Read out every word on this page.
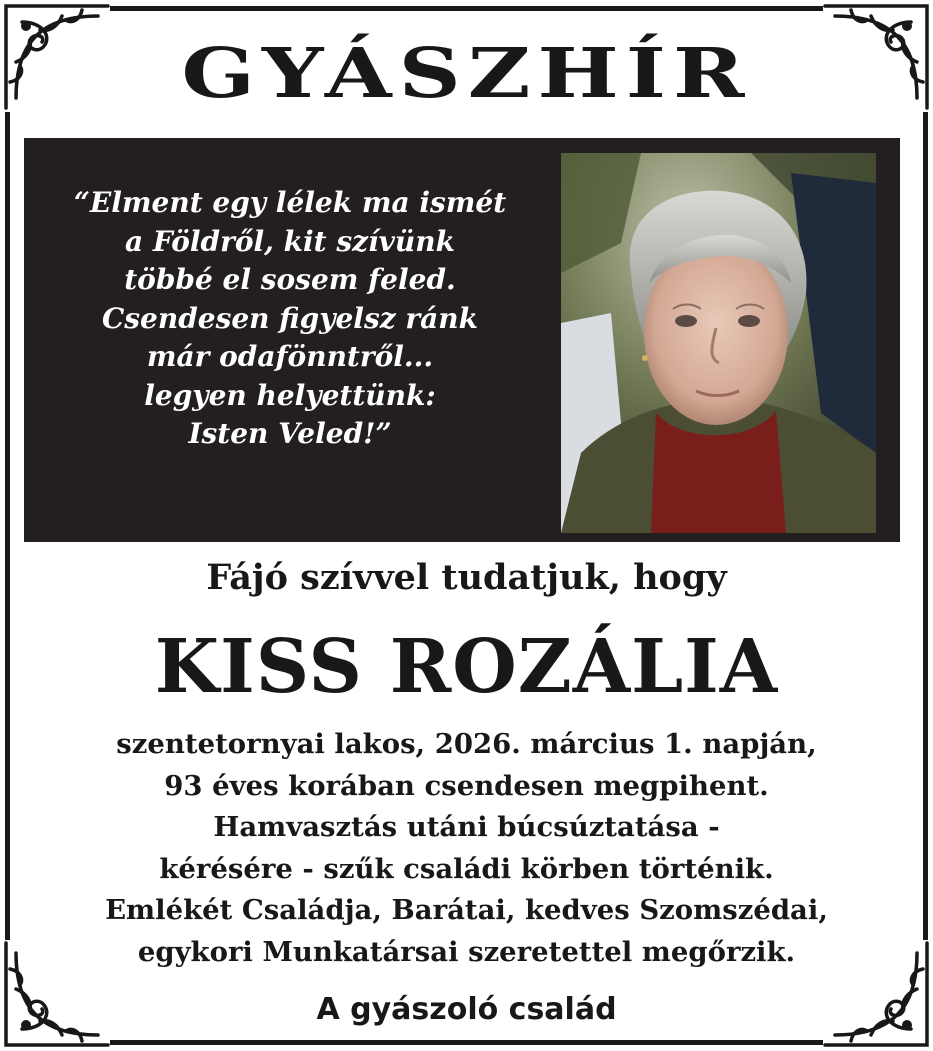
GYÁSZHÍR
“Elment egy lélek ma ismét
a Földről, kit szívünk
többé el sosem feled.
Csendesen figyelsz ránk
már odafönntről...
legyen helyettünk:
Isten Veled!”
Fájó szívvel tudatjuk, hogy
KISS ROZÁLIA
szentetornyai lakos, 2026. március 1. napján,
93 éves korában csendesen megpihent.
Hamvasztás utáni búcsúztatása -
kérésére - szűk családi körben történik.
Emlékét Családja, Barátai, kedves Szomszédai,
egykori Munkatársai szeretettel megőrzik.
A gyászoló család
